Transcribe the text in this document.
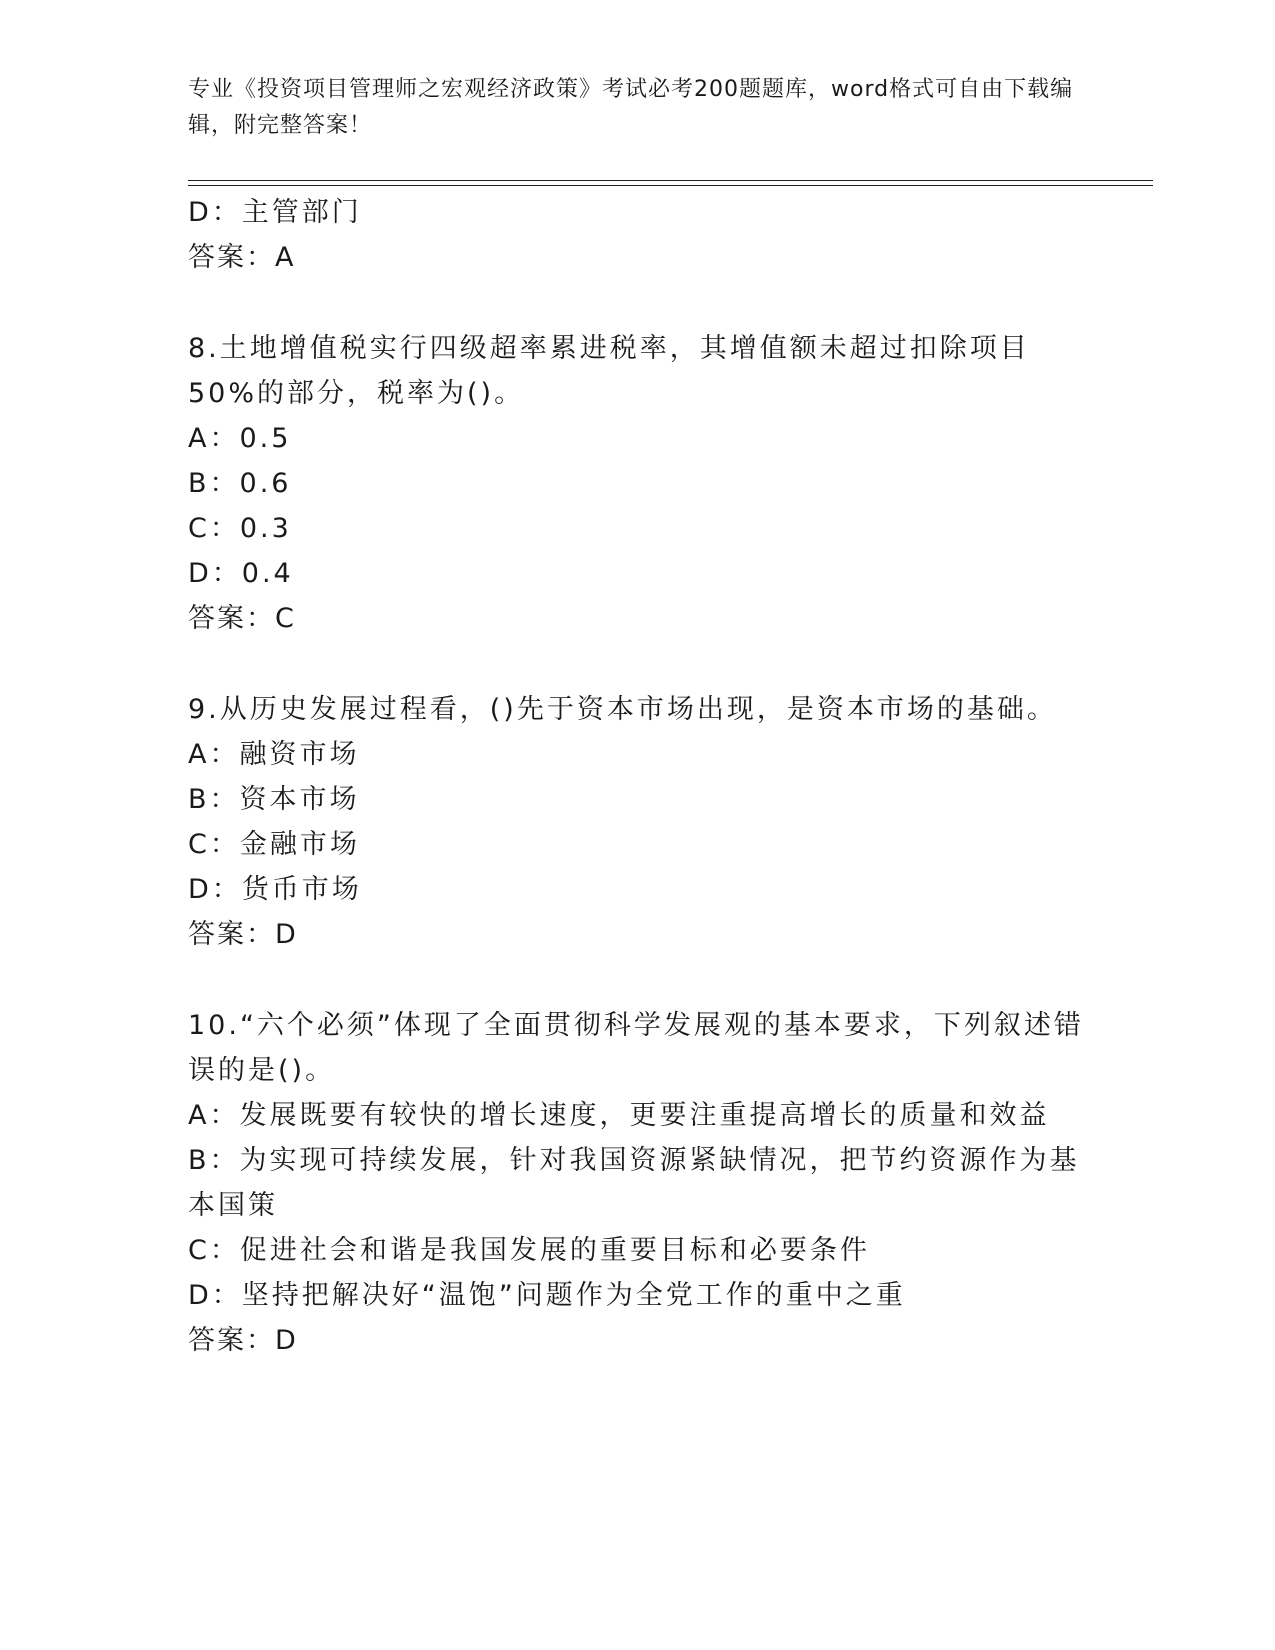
专业《投资项目管理师之宏观经济政策》考试必考200题题库，word格式可自由下载编辑，附完整答案！
D：主管部门
答案：A
8.土地增值税实行四级超率累进税率，其增值额未超过扣除项目50%的部分，税率为()。
A：0.5
B：0.6
C：0.3
D：0.4
答案：C
9.从历史发展过程看，()先于资本市场出现，是资本市场的基础。
A：融资市场
B：资本市场
C：金融市场
D：货币市场
答案：D
10.“六个必须”体现了全面贯彻科学发展观的基本要求，下列叙述错误的是()。
A：发展既要有较快的增长速度，更要注重提高增长的质量和效益
B：为实现可持续发展，针对我国资源紧缺情况，把节约资源作为基本国策
C：促进社会和谐是我国发展的重要目标和必要条件
D：坚持把解决好“温饱”问题作为全党工作的重中之重
答案：D
